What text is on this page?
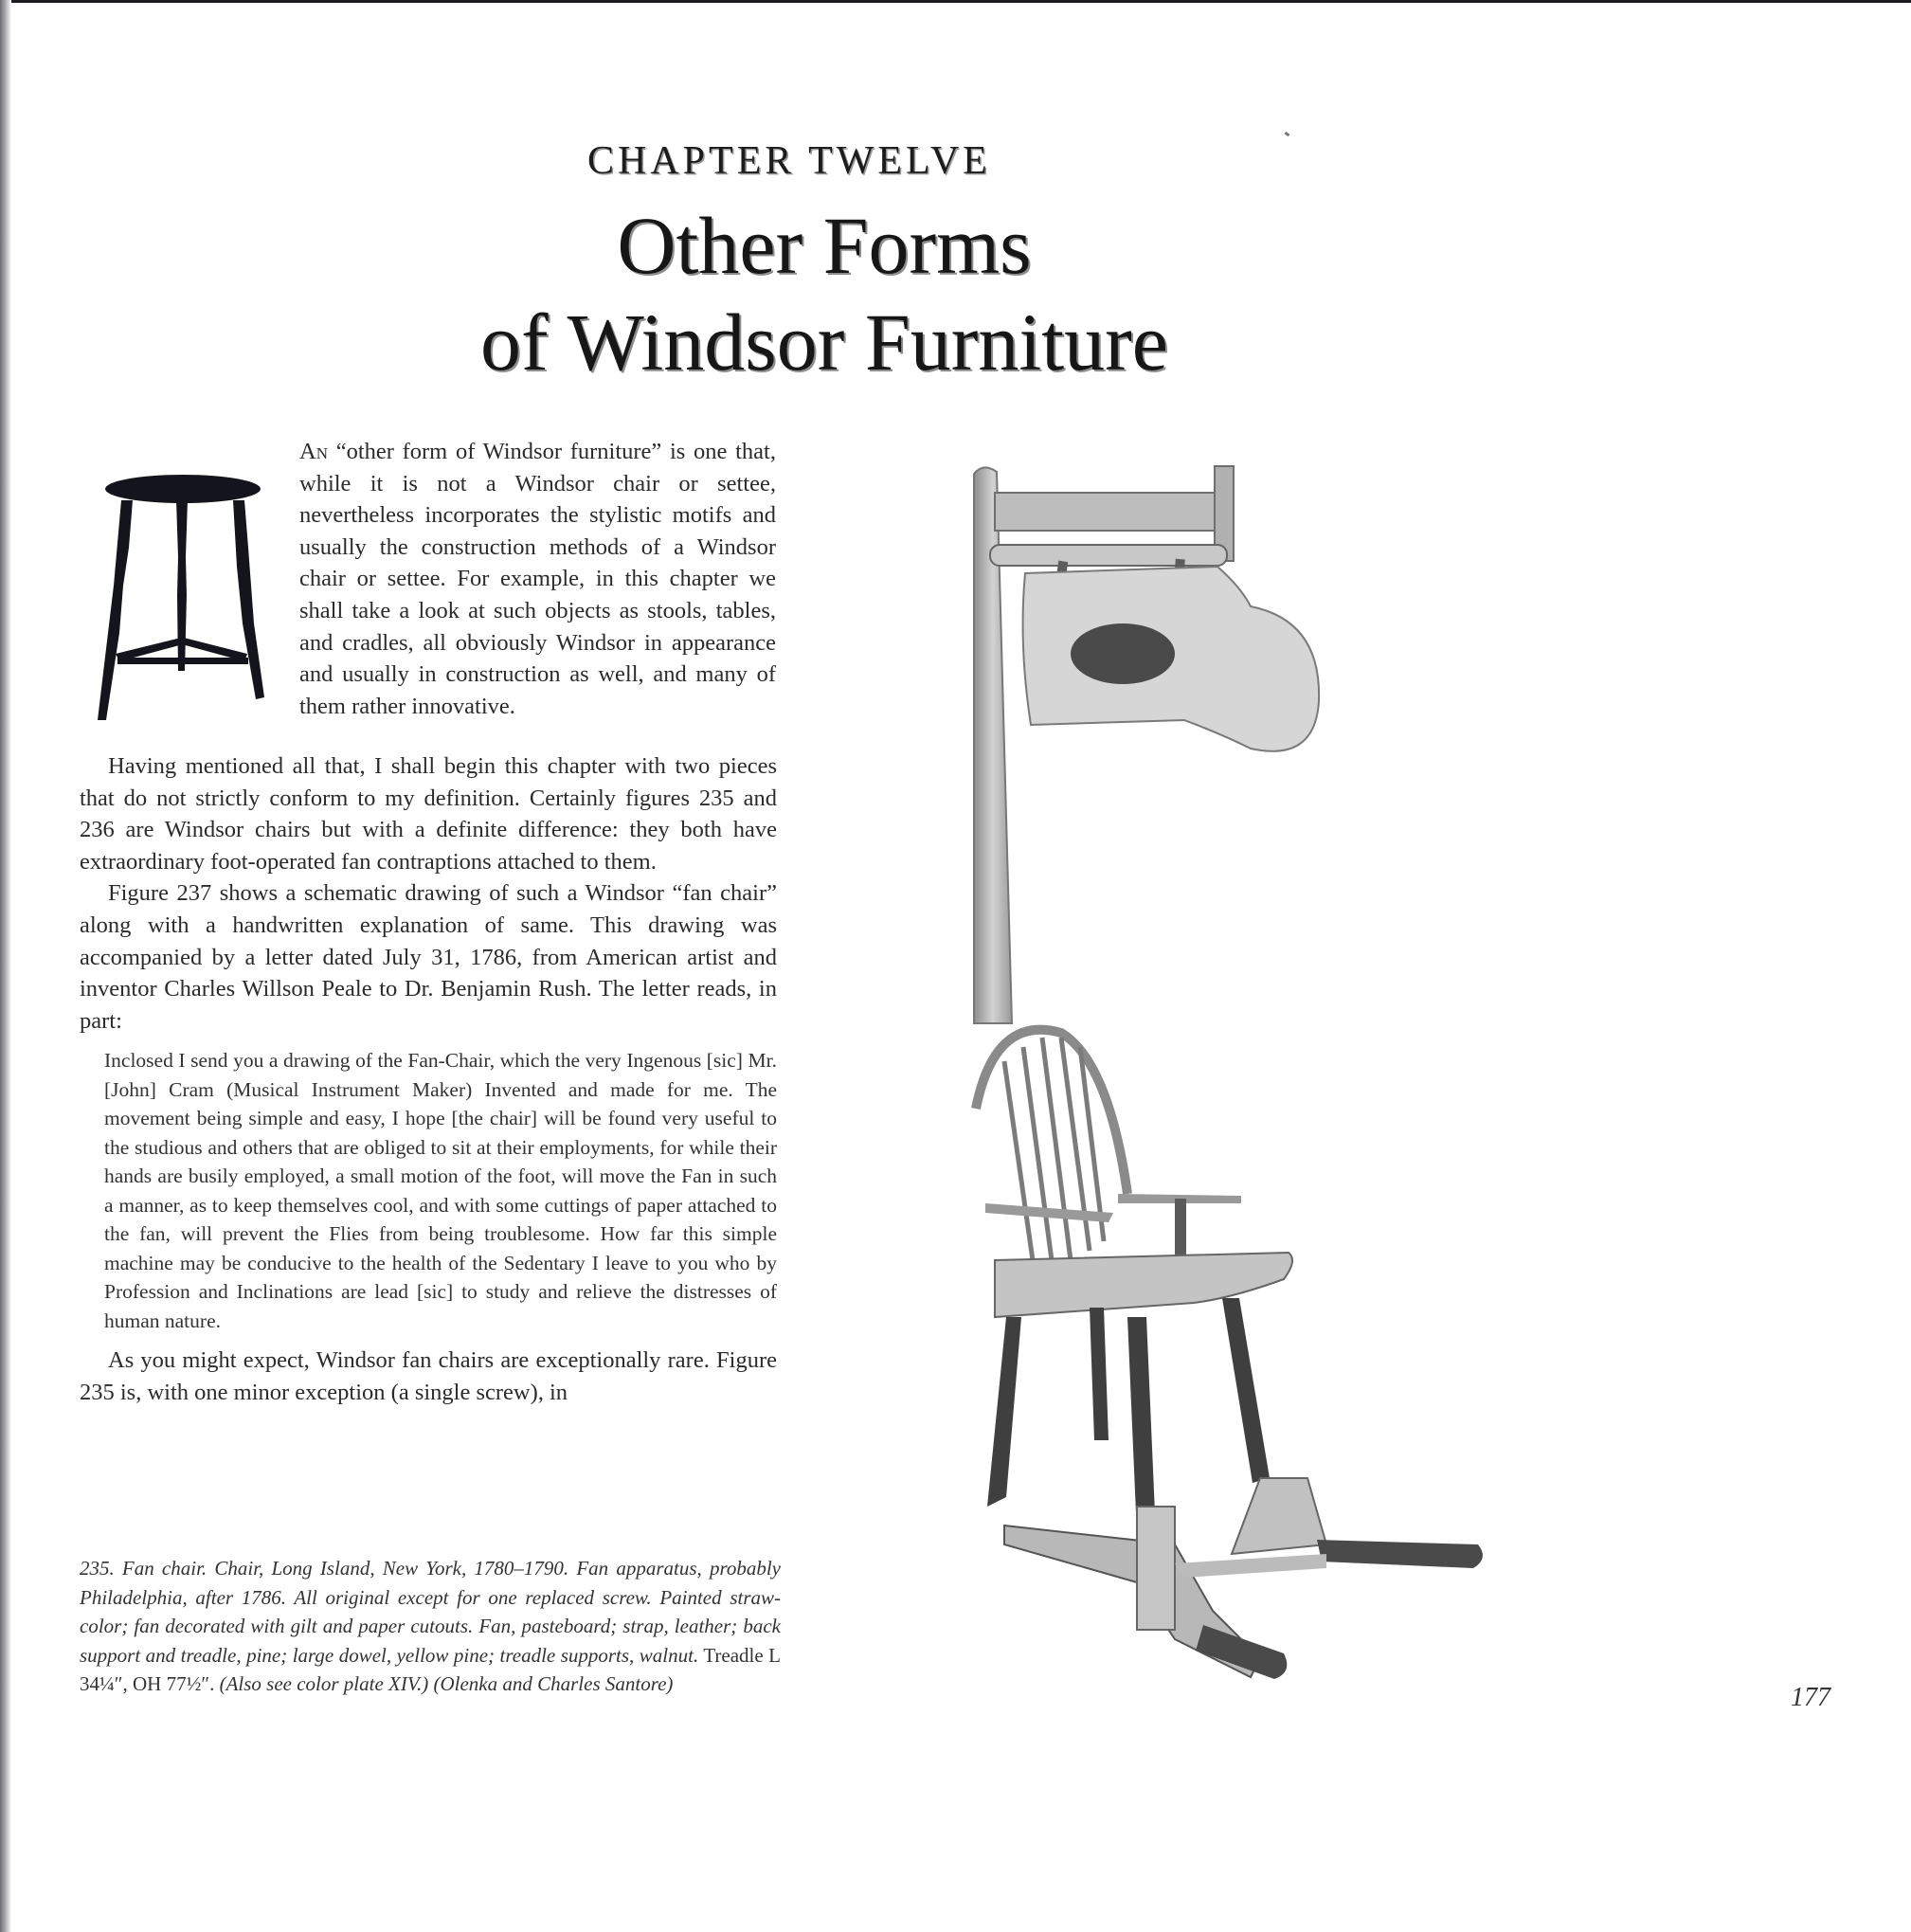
CHAPTER TWELVE
Other Forms
of Windsor Furniture
An “other form of Windsor furniture” is one that, while it is not a Windsor chair or settee, nevertheless incorporates the stylistic motifs and usually the construction methods of a Windsor chair or settee. For example, in this chapter we shall take a look at such objects as stools, tables, and cradles, all obviously Windsor in appearance and usually in construction as well, and many of them rather innovative.

Having mentioned all that, I shall begin this chapter with two pieces that do not strictly conform to my definition. Certainly figures 235 and 236 are Windsor chairs but with a definite difference: they both have extraordinary foot-operated fan contraptions attached to them.

Figure 237 shows a schematic drawing of such a Windsor “fan chair” along with a handwritten explanation of same. This drawing was accompanied by a letter dated July 31, 1786, from American artist and inventor Charles Willson Peale to Dr. Benjamin Rush. The letter reads, in part:

Inclosed I send you a drawing of the Fan-Chair, which the very Ingenous [sic] Mr. [John] Cram (Musical Instrument Maker) Invented and made for me. The movement being simple and easy, I hope [the chair] will be found very useful to the studious and others that are obliged to sit at their employments, for while their hands are busily employed, a small motion of the foot, will move the Fan in such a manner, as to keep themselves cool, and with some cuttings of paper attached to the fan, will prevent the Flies from being troublesome. How far this simple machine may be conducive to the health of the Sedentary I leave to you who by Profession and Inclinations are lead [sic] to study and relieve the distresses of human nature.

As you might expect, Windsor fan chairs are exceptionally rare. Figure 235 is, with one minor exception (a single screw), in

235. Fan chair. Chair, Long Island, New York, 1780–1790. Fan apparatus, probably Philadelphia, after 1786. All original except for one replaced screw. Painted straw-color; fan decorated with gilt and paper cutouts. Fan, pasteboard; strap, leather; back support and treadle, pine; large dowel, yellow pine; treadle supports, walnut. Treadle L 34¼″, OH 77½″. (Also see color plate XIV.) (Olenka and Charles Santore)	177
